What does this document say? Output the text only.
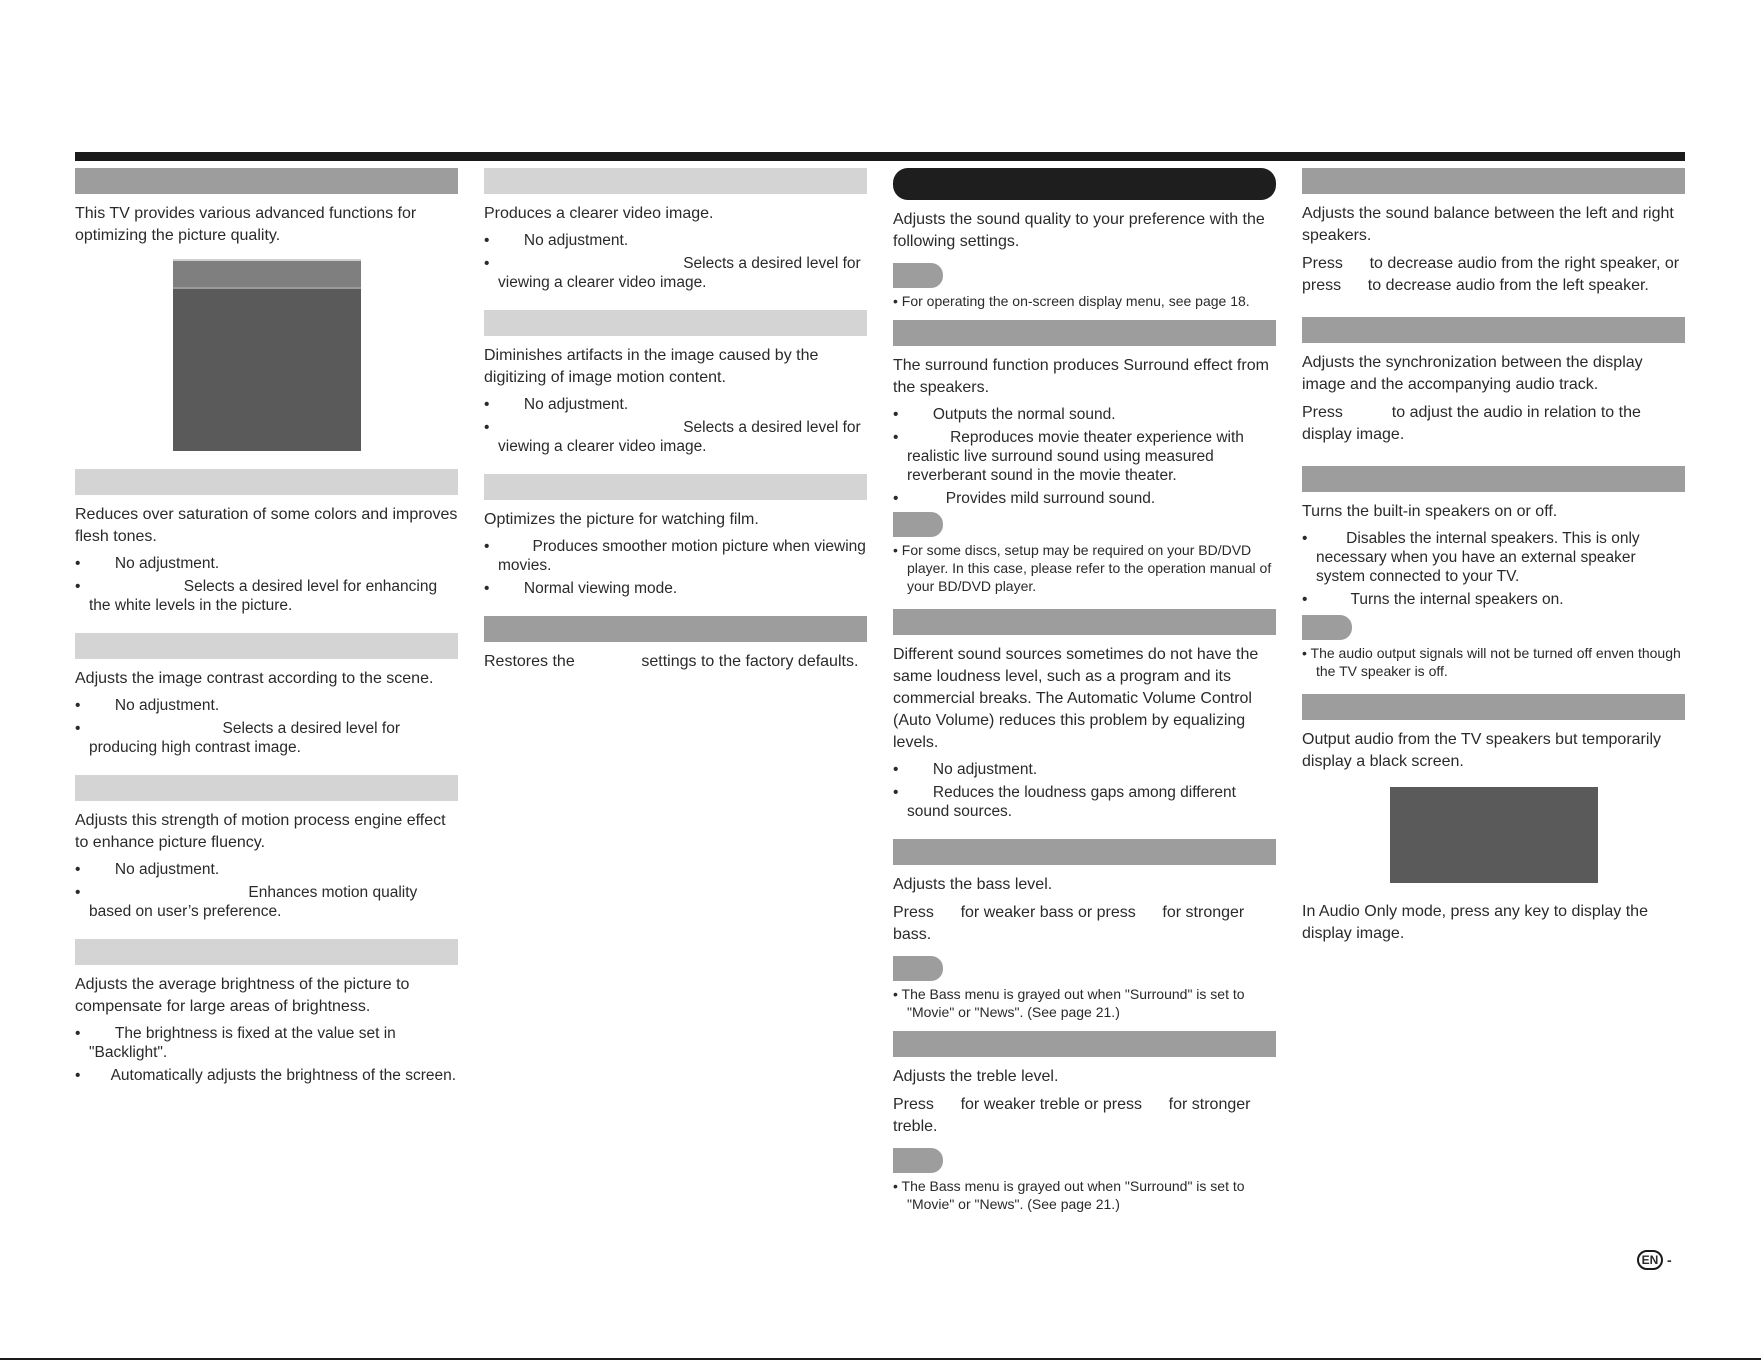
This TV provides various advanced functions for optimizing the picture quality.
Reduces over saturation of some colors and improves flesh tones.
•        No adjustment.
•                        Selects a desired level for enhancing the white levels in the picture.
Adjusts the image contrast according to the scene.
•        No adjustment.
•                                 Selects a desired level for producing high contrast image.
Adjusts this strength of motion process engine effect to enhance picture fluency.
•        No adjustment.
•                                       Enhances motion quality based on user’s preference.
Adjusts the average brightness of the picture to compensate for large areas of brightness.
•        The brightness is fixed at the value set in "Backlight".
•       Automatically adjusts the brightness of the screen.
Produces a clearer video image.
•        No adjustment.
•                                             Selects a desired level for viewing a clearer video image.
Diminishes artifacts in the image caused by the digitizing of image motion content.
•        No adjustment.
•                                             Selects a desired level for viewing a clearer video image.
Optimizes the picture for watching film.
•          Produces smoother motion picture when viewing movies.
•        Normal viewing mode.
Restores the               settings to the factory defaults.
Adjusts the sound quality to your preference with the following settings.
• For operating the on-screen display menu, see page 18.
The surround function produces Surround effect from the speakers.
•        Outputs the normal sound.
•            Reproduces movie theater experience with realistic live surround sound using measured reverberant sound in the movie theater.
•           Provides mild surround sound.
• For some discs, setup may be required on your BD/DVD player. In this case, please refer to the operation manual of your BD/DVD player.
Different sound sources sometimes do not have the same loudness level, such as a program and its commercial breaks. The Automatic Volume Control (Auto Volume) reduces this problem by equalizing levels.
•        No adjustment.
•        Reduces the loudness gaps among different sound sources.
Adjusts the bass level.
Press      for weaker bass or press      for stronger bass.
• The Bass menu is grayed out when "Surround" is set to "Movie" or "News". (See page 21.)
Adjusts the treble level.
Press      for weaker treble or press      for stronger treble.
• The Bass menu is grayed out when "Surround" is set to "Movie" or "News". (See page 21.)
Adjusts the sound balance between the left and right speakers.
Press      to decrease audio from the right speaker, or press      to decrease audio from the left speaker.
Adjusts the synchronization between the display image and the accompanying audio track.
Press           to adjust the audio in relation to the display image.
Turns the built-in speakers on or off.
•         Disables the internal speakers. This is only necessary when you have an external speaker system connected to your TV.
•          Turns the internal speakers on.
• The audio output signals will not be turned off enven though the TV speaker is off.
Output audio from the TV speakers but temporarily display a black screen.
In Audio Only mode, press any key to display the display image.
EN -
